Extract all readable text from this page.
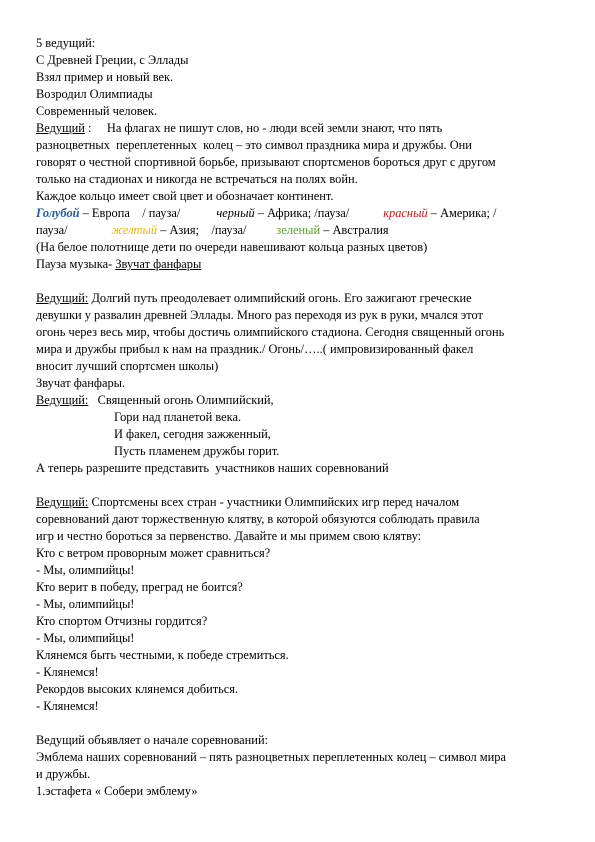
5 ведущий:
С Древней Греции, с Эллады
Взял пример и новый век.
Возродил Олимпиады
Современный человек.
Ведущий :     На флагах не пишут слов, но - люди всей земли знают, что пять
разноцветных  переплетенных  колец – это символ праздника мира и дружбы. Они
говорят о честной спортивной борьбе, призывают спортсменов бороться друг с другом
только на стадионах и никогда не встречаться на полях войн.
Каждое кольцо имеет свой цвет и обозначает континент.
Голубой – Европа    / пауза/	черный – Африка; /пауза/	красный – Америка; /
пауза/	желтый – Азия;    /пауза/ зеленый – Австралия
(На белое полотнище дети по очереди навешивают кольца разных цветов)
Пауза музыка- Звучат фанфары
Ведущий: Долгий путь преодолевает олимпийский огонь. Его зажигают греческие
девушки у развалин древней Эллады. Много раз переходя из рук в руки, мчался этот
огонь через весь мир, чтобы достичь олимпийского стадиона. Сегодня священный огонь
мира и дружбы прибыл к нам на праздник./ Огонь/…..( импровизированный факел
вносит лучший спортсмен школы)
Звучат фанфары.
Ведущий:   Священный огонь Олимпийский,
Гори над планетой века.
И факел, сегодня зажженный,
Пусть пламенем дружбы горит.
А теперь разрешите представить  участников наших соревнований
Ведущий: Спортсмены всех стран - участники Олимпийских игр перед началом
соревнований дают торжественную клятву, в которой обязуются соблюдать правила
игр и честно бороться за первенство. Давайте и мы примем свою клятву:
Кто с ветром проворным может сравниться?
- Мы, олимпийцы!
Кто верит в победу, преград не боится?
- Мы, олимпийцы!
Кто спортом Отчизны гордится?
- Мы, олимпийцы!
Клянемся быть честными, к победе стремиться.
- Клянемся!
Рекордов высоких клянемся добиться.
- Клянемся!
Ведущий объявляет о начале соревнований:
Эмблема наших соревнований – пять разноцветных переплетенных колец – символ мира
и дружбы.
1.эстафета « Собери эмблему»
